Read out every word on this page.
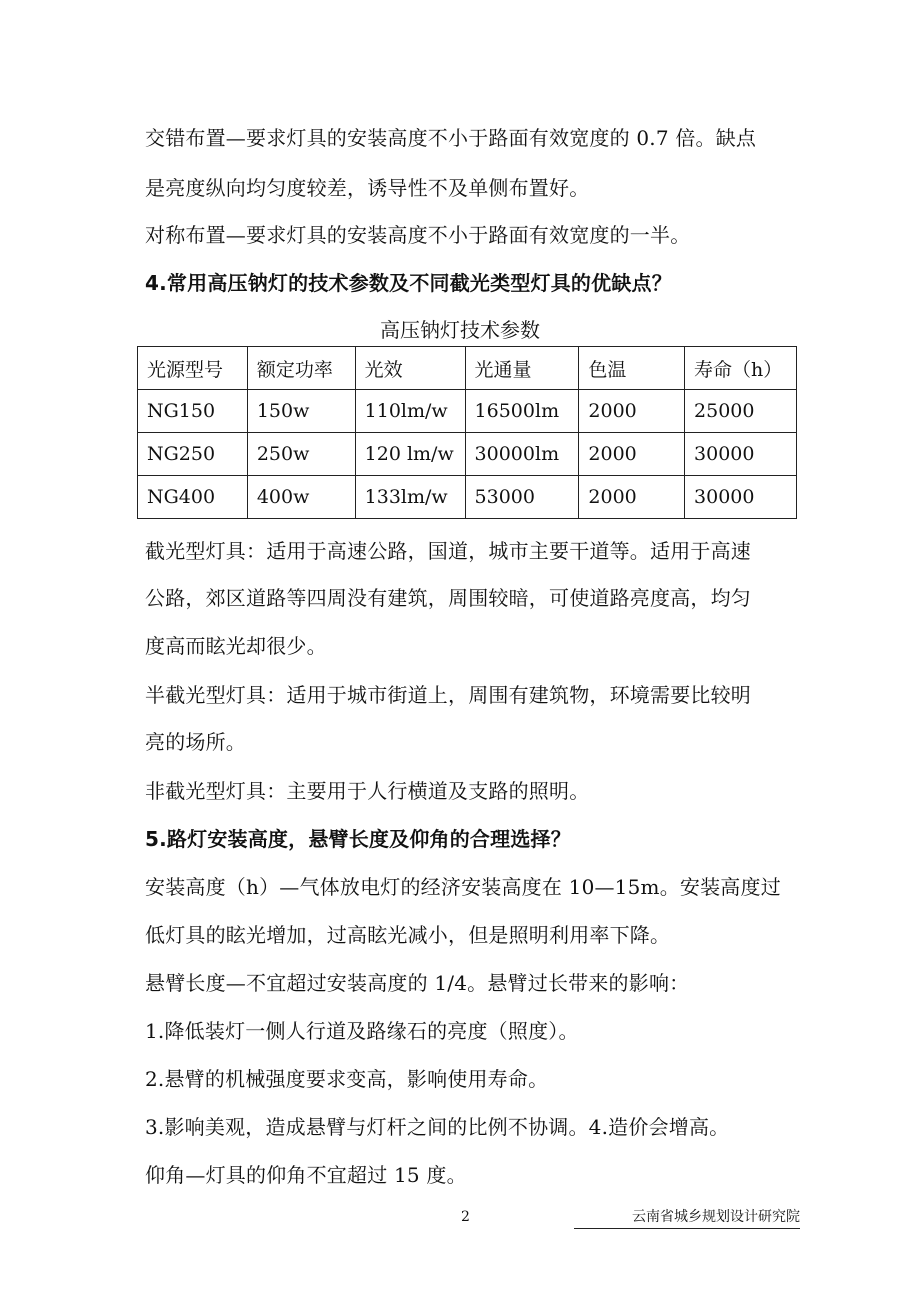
交错布置—要求灯具的安装高度不小于路面有效宽度的 0.7 倍。缺点
是亮度纵向均匀度较差，诱导性不及单侧布置好。
对称布置—要求灯具的安装高度不小于路面有效宽度的一半。
4.常用高压钠灯的技术参数及不同截光类型灯具的优缺点？
高压钠灯技术参数
光源型号	额定功率	光效	光通量	色温	寿命（h）
NG150	150w	110lm/w	16500lm	2000	25000
NG250	250w	120 lm/w	30000lm	2000	30000
NG400	400w	133lm/w	53000	2000	30000
截光型灯具：适用于高速公路，国道，城市主要干道等。适用于高速
公路，郊区道路等四周没有建筑，周围较暗，可使道路亮度高，均匀
度高而眩光却很少。
半截光型灯具：适用于城市街道上，周围有建筑物，环境需要比较明
亮的场所。
非截光型灯具：主要用于人行横道及支路的照明。
5.路灯安装高度，悬臂长度及仰角的合理选择？
安装高度（h）—气体放电灯的经济安装高度在 10—15m。安装高度过
低灯具的眩光增加，过高眩光减小，但是照明利用率下降。
悬臂长度—不宜超过安装高度的 1/4。悬臂过长带来的影响：
1.降低装灯一侧人行道及路缘石的亮度（照度）。
2.悬臂的机械强度要求变高，影响使用寿命。
3.影响美观，造成悬臂与灯杆之间的比例不协调。4.造价会增高。
仰角—灯具的仰角不宜超过 15 度。
2	云南省城乡规划设计研究院
